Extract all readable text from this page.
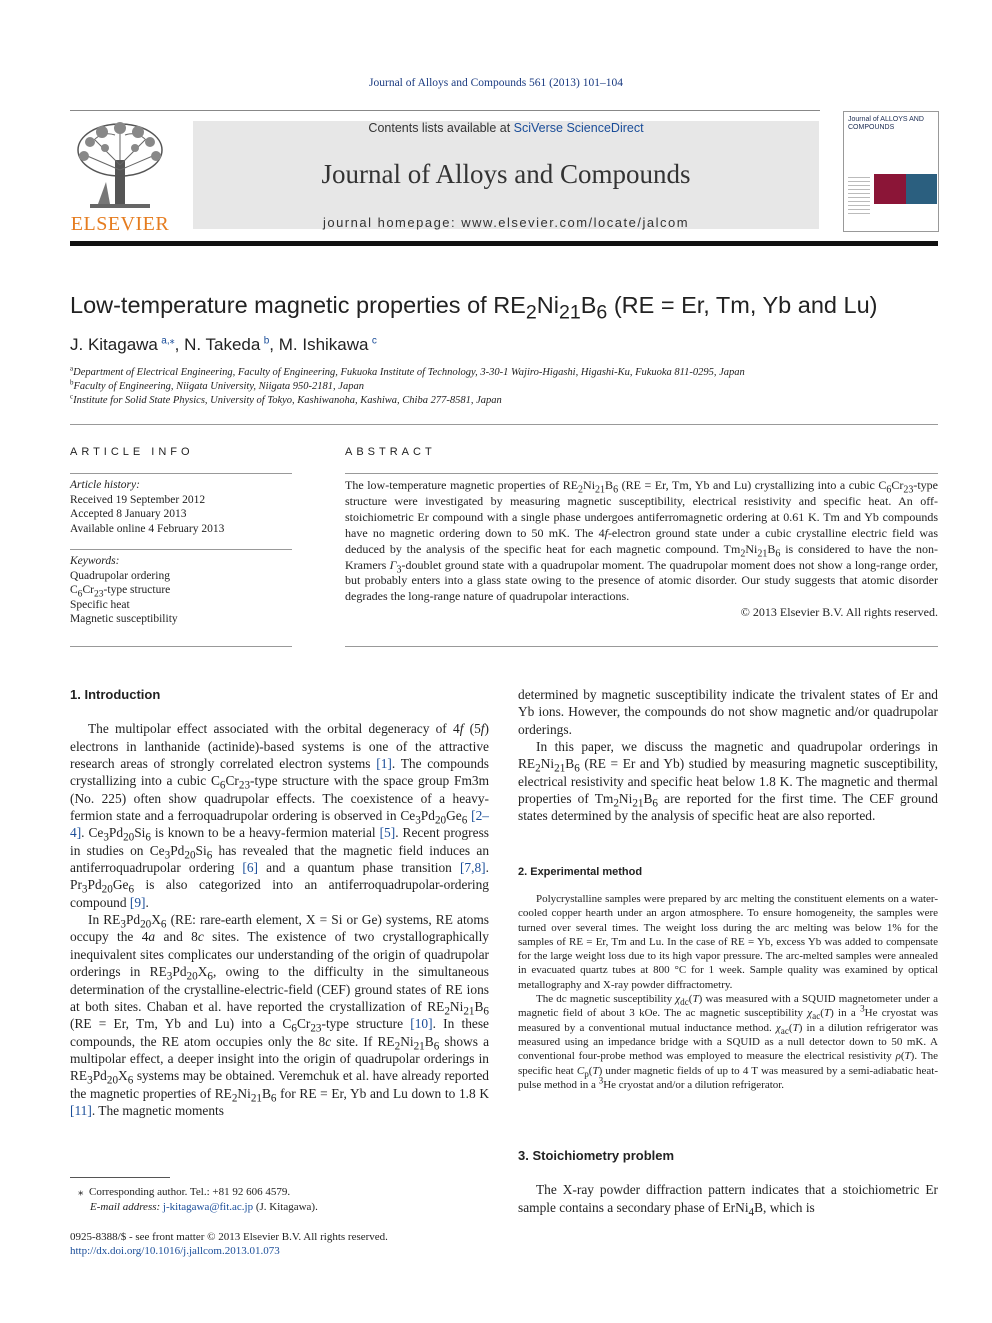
Journal of Alloys and Compounds 561 (2013) 101–104
ELSEVIER
Contents lists available at SciVerse ScienceDirect
Journal of Alloys and Compounds
journal homepage: www.elsevier.com/locate/jalcom
Journal of ALLOYS AND COMPOUNDS
Low-temperature magnetic properties of $RE_2Ni_{21}B_6$ (RE = Er, Tm, Yb and Lu)
J. Kitagawa  $^{a,⁎}$, N. Takeda  $^b$, M. Ishikawa  $^c$
$^a$Department of Electrical Engineering, Faculty of Engineering, Fukuoka Institute of Technology, 3-30-1 Wajiro-Higashi, Higashi-Ku, Fukuoka 811-0295, Japan
$^b$Faculty of Engineering, Niigata University, Niigata 950-2181, Japan
$^c$Institute for Solid State Physics, University of Tokyo, Kashiwanoha, Kashiwa, Chiba 277-8581, Japan
ARTICLE INFO
Article history:
Received 19 September 2012
Accepted 8 January 2013
Available online 4 February 2013
Keywords:
Quadrupolar ordering
$C_6Cr_{23}$-type structure
Specific heat
Magnetic susceptibility
ABSTRACT
The low-temperature magnetic properties of $RE_2Ni_{21}B_6$ (RE = Er, Tm, Yb and Lu) crystallizing into a cubic $C_6Cr_{23}$-type structure were investigated by measuring magnetic susceptibility, electrical resistivity and specific heat. An off-stoichiometric Er compound with a single phase undergoes antiferromagnetic ordering at 0.61 K. Tm and Yb compounds have no magnetic ordering down to 50 mK. The 4f-electron ground state under a cubic crystalline electric field was deduced by the analysis of the specific heat for each magnetic compound. $Tm_2Ni_{21}B_6$ is considered to have the non-Kramers $\Gamma_3$-doublet ground state with a quadrupolar moment. The quadrupolar moment does not show a long-range order, but probably enters into a glass state owing to the presence of atomic disorder. Our study suggests that atomic disorder degrades the long-range nature of quadrupolar interactions.
© 2013 Elsevier B.V. All rights reserved.
1. Introduction

The multipolar effect associated with the orbital degeneracy of 4f (5f) electrons in lanthanide (actinide)-based systems is one of the attractive research areas of strongly correlated electron systems [1]. The compounds crystallizing into a cubic $C_6Cr_{23}$-type structure with the space group Fm3m (No. 225) often show quadrupolar effects. The coexistence of a heavy-fermion state and a ferroquadrupolar ordering is observed in $Ce_3Pd_{20}Ge_6$ [2–4]. $Ce_3Pd_{20}Si_6$ is known to be a heavy-fermion material [5]. Recent progress in studies on $Ce_3Pd_{20}Si_6$ has revealed that the magnetic field induces an antiferroquadrupolar ordering [6] and a quantum phase transition [7,8]. $Pr_3Pd_{20}Ge_6$ is also categorized into an antiferroquadrupolar-ordering compound [9].

In $RE_3Pd_{20}X_6$ (RE: rare-earth element, X = Si or Ge) systems, RE atoms occupy the 4a and 8c sites. The existence of two crystallographically inequivalent sites complicates our understanding of the origin of quadrupolar orderings in $RE_3Pd_{20}X_6$, owing to the difficulty in the simultaneous determination of the crystalline-electric-field (CEF) ground states of RE ions at both sites. Chaban et al. have reported the crystallization of $RE_2Ni_{21}B_6$ (RE = Er, Tm, Yb and Lu) into a $C_6Cr_{23}$-type structure [10]. In these compounds, the RE atom occupies only the 8c site. If $RE_2Ni_{21}B_6$ shows a multipolar effect, a deeper insight into the origin of quadrupolar orderings in $RE_3Pd_{20}X_6$ systems may be obtained. Veremchuk et al. have already reported the magnetic properties of $RE_2Ni_{21}B_6$ for RE = Er, Yb and Lu down to 1.8 K [11]. The magnetic moments

⁎  Corresponding author. Tel.: +81 92 606 4579.
E-mail address: j-kitagawa@fit.ac.jp (J. Kitagawa).
0925-8388/$ - see front matter © 2013 Elsevier B.V. All rights reserved.
http://dx.doi.org/10.1016/j.jallcom.2013.01.073

determined by magnetic susceptibility indicate the trivalent states of Er and Yb ions. However, the compounds do not show magnetic and/or quadrupolar orderings.

In this paper, we discuss the magnetic and quadrupolar orderings in $RE_2Ni_{21}B_6$ (RE = Er and Yb) studied by measuring magnetic susceptibility, electrical resistivity and specific heat below 1.8 K. The magnetic and thermal properties of $Tm_2Ni_{21}B_6$ are reported for the first time. The CEF ground states determined by the analysis of specific heat are also reported.

2. Experimental method

Polycrystalline samples were prepared by arc melting the constituent elements on a water-cooled copper hearth under an argon atmosphere. To ensure homogeneity, the samples were turned over several times. The weight loss during the arc melting was below 1% for the samples of RE = Er, Tm and Lu. In the case of RE = Yb, excess Yb was added to compensate for the large weight loss due to its high vapor pressure. The arc-melted samples were annealed in evacuated quartz tubes at 800 °C for 1 week. Sample quality was examined by optical metallography and X-ray powder diffractometry.

The dc magnetic susceptibility $\chi_{dc}(T)$ was measured with a SQUID magnetometer under a magnetic field of about 3 kOe. The ac magnetic susceptibility $\chi_{ac}(T)$ in a $^3$He cryostat was measured by a conventional mutual inductance method. $\chi_{ac}(T)$ in a dilution refrigerator was measured using an impedance bridge with a SQUID as a null detector down to 50 mK. A conventional four-probe method was employed to measure the electrical resistivity ρ(T). The specific heat $C_p(T)$ under magnetic fields of up to 4 T was measured by a semi-adiabatic heat-pulse method in a $^3$He cryostat and/or a dilution refrigerator.

3. Stoichiometry problem

The X-ray powder diffraction pattern indicates that a stoichiometric Er sample contains a secondary phase of ErNi$_4$B, which is
